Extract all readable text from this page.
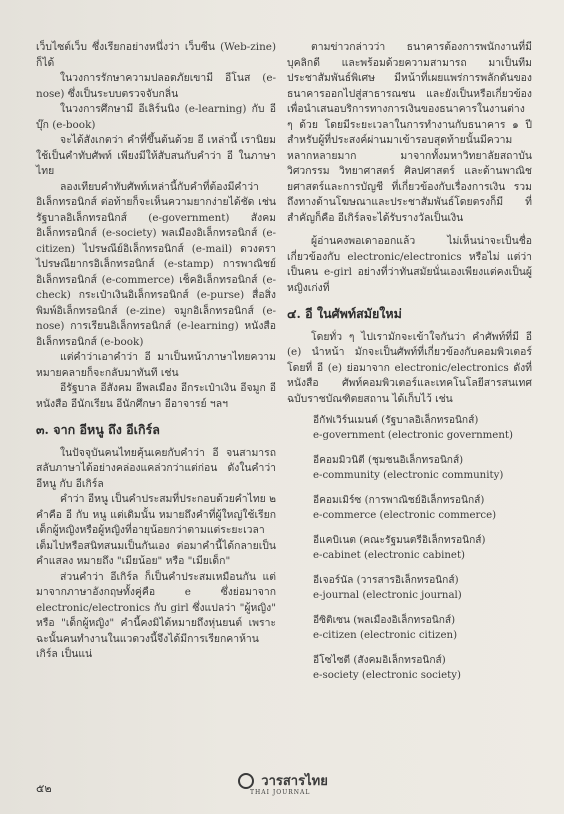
เว็บไซต์เว็บ ซึ่งเรียกอย่างหนึ่งว่า เว็บซีน (Web-zine) ก็ได้

ในวงการรักษาความปลอดภัยเขามี อีโนส (e-nose) ซึ่งเป็นระบบตรวจจับกลิ่น

ในวงการศึกษามี อีเลิร์นนิง (e-learning) กับ อีบุ๊ก (e-book)

จะได้สังเกตว่า คำที่ขึ้นต้นด้วย อี เหล่านี้ เรานิยมใช้เป็นคำทับศัพท์ เพียงมีให้สับสนกับคำว่า อี ในภาษาไทย

ลองเทียบคำทับศัพท์เหล่านี้กับคำที่ต้องมีคำว่า อิเล็กทรอนิกส์ ต่อท้ายก็จะเห็นความยากง่ายได้ชัด เช่น รัฐบาลอิเล็กทรอนิกส์ (e-government) สังคมอิเล็กทรอนิกส์ (e-society) พลเมืองอิเล็กทรอนิกส์ (e-citizen) ไปรษณีย์อิเล็กทรอนิกส์ (e-mail) ดวงตราไปรษณียากรอิเล็กทรอนิกส์ (e-stamp) การพาณิชย์อิเล็กทรอนิกส์ (e-commerce) เช็คอิเล็กทรอนิกส์ (e-check) กระเป๋าเงินอิเล็กทรอนิกส์ (e-purse) สื่อสิ่งพิมพ์อิเล็กทรอนิกส์ (e-zine) จมูกอิเล็กทรอนิกส์ (e-nose) การเรียนอิเล็กทรอนิกส์ (e-learning) หนังสืออิเล็กทรอนิกส์ (e-book)

แต่คำว่าเอาคำว่า อี มาเป็นหน้าภาษาไทยความหมายคลายก็จะกลับมาทันที เช่น

อีรัฐบาล อีสังคม อีพลเมือง อีกระเป๋าเงิน อีจมูก อีหนังสือ อีนักเรียน อีนักศึกษา อีอาจารย์ ฯลฯ

๓. จาก อีหนู ถึง อีเกิร์ล

ในปัจจุบันคนไทยคุ้นเคยกับคำว่า อี จนสามารถสลับภาษาได้อย่างคล่องแคล่วกว่าแต่ก่อน ดังในคำว่า อีหนู กับ อีเกิร์ล

คำว่า อีหนู เป็นคำประสมที่ประกอบด้วยคำไทย ๒ คำคือ อี กับ หนู แต่เดิมนั้น หมายถึงคำที่ผู้ใหญ่ใช้เรียกเด็กผู้หญิงหรือผู้หญิงที่อายุน้อยกว่าตามแต่ระยะเวลาเต็มไปหรือสนิทสนมเป็นกันเอง ต่อมาคำนี้ได้กลายเป็นคำแสลง หมายถึง "เมียน้อย" หรือ "เมียเด็ก"

ส่วนคำว่า อีเกิร์ล ก็เป็นคำประสมเหมือนกัน แต่มาจากภาษาอังกฤษทั้งคู่คือ e ซึ่งย่อมาจาก electronic/electronics กับ girl ซึ่งแปลว่า "ผู้หญิง" หรือ "เด็กผู้หญิง" คำนี้คงมิได้หมายถึงหุ่นยนต์ เพราะฉะนั้นคนทำงานในแวดวงนี้จึงได้มีการเรียกคาห้าน เกิร์ล เป็นแน่

ตามข่าวกล่าวว่า ธนาคารต้องการพนักงานที่มีบุคลิกดี และพร้อมด้วยความสามารถ มาเป็นทีมประชาสัมพันธ์พิเศษ มีหน้าที่เผยแพร่การพลักดันของธนาคารออกไปสู่สาธารณชน และยังเป็นหรือเกี่ยวข้องเพื่อนำเสนอบริการทางการเงินของธนาคารในงานต่าง ๆ ด้วย โดยมีระยะเวลาในการทำงานกับธนาคาร ๑ ปี สำหรับผู้ที่ประสงค์ผ่านมาเข้ารอบสุดท้ายนั้นมีความหลากหลายมาก มาจากทั้งมหาวิทยาลัยสถาบันวิศวกรรม วิทยาศาสตร์ ศิลปศาสตร์ และด้านพาณิชยศาสตร์และการบัญชี ที่เกี่ยวข้องกับเรื่องการเงิน รวมถึงทางด้านโฆษณาและประชาสัมพันธ์โดยตรงก็มี ที่สำคัญก็คือ อีเกิร์ลจะได้รับรางวัลเป็นเงิน

ผู้อ่านคงพอเดาออกแล้ว ไม่เห็นน่าจะเป็นชื่อเกี่ยวข้องกับ electronic/electronics หรือไม่ แต่ว่าเป็นคน e-girl อย่างที่ว่าทันสมัยนั่นเองเพียงแต่คงเป็นผู้หญิงเก่งที่

๔. อี ในศัพท์สมัยใหม่

โดยทั่ว ๆ ไปเรามักจะเข้าใจกันว่า คำศัพท์ที่มี อี (e) นำหน้า มักจะเป็นศัพท์ที่เกี่ยวข้องกับคอมพิวเตอร์ โดยที่ อี (e) ย่อมาจาก electronic/electronics ดังที่หนังสือ ศัพท์คอมพิวเตอร์และเทคโนโลยีสารสนเทศ ฉบับราชบัณฑิตยสถาน ได้เก็บไว้ เช่น

อีกัฟเวิร์นเมนต์ (รัฐบาลอิเล็กทรอนิกส์)
e-government (electronic government)
อีคอมมิวนิตี (ชุมชนอิเล็กทรอนิกส์)
e-community (electronic community)
อีคอมเมิร์ซ (การพาณิชย์อิเล็กทรอนิกส์)
e-commerce (electronic commerce)
อีแคบิเนต (คณะรัฐมนตรีอิเล็กทรอนิกส์)
e-cabinet (electronic cabinet)
อีเจอร์นัล (วารสารอิเล็กทรอนิกส์)
e-journal (electronic journal)
อีซิติเซน (พลเมืองอิเล็กทรอนิกส์)
e-citizen (electronic citizen)
อีโซไซตี (สังคมอิเล็กทรอนิกส์)
e-society (electronic society)
๕๒	วารสารไทย
THAI JOURNAL
